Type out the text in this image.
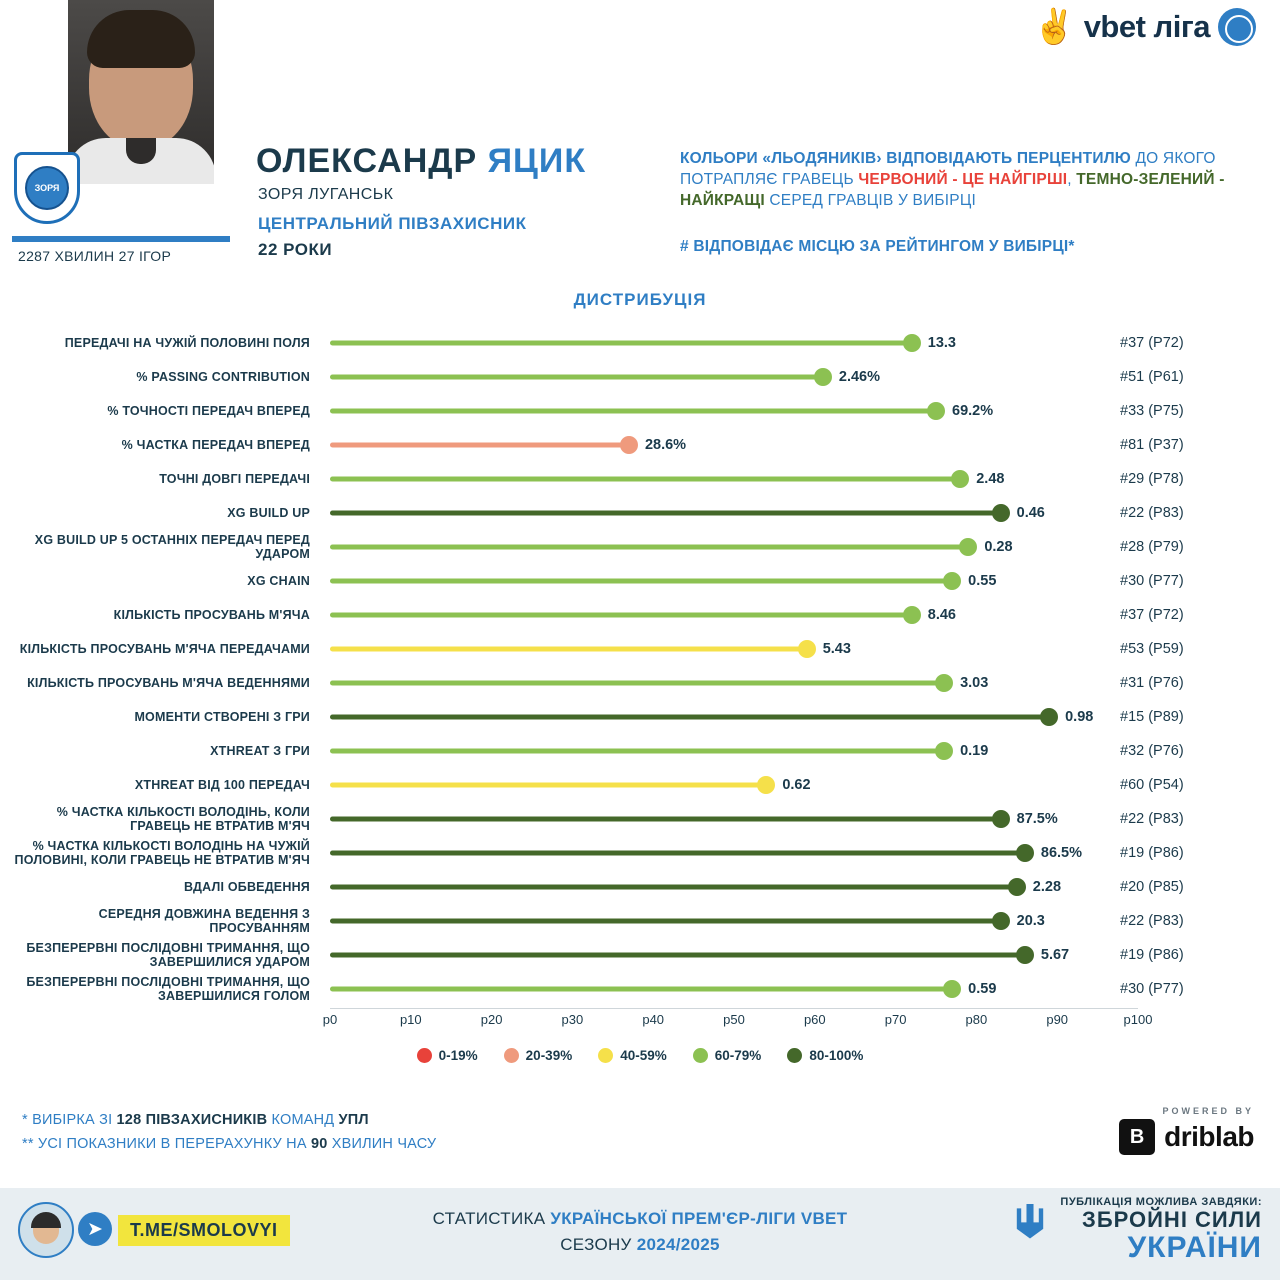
ЗОРЯ
2287 ХВИЛИН 27 ІГОР
ОЛЕКСАНДР ЯЦИК
ЗОРЯ ЛУГАНСЬК
ЦЕНТРАЛЬНИЙ ПІВЗАХИСНИК
22 РОКИ
✌ vbet ліга
КОЛЬОРИ «ЛЬОДЯНИКІВ› ВІДПОВІДАЮТЬ ПЕРЦЕНТИЛЮ ДО ЯКОГО ПОТРАПЛЯЄ ГРАВЕЦЬ ЧЕРВОНИЙ - ЦЕ НАЙГІРШІ, ТЕМНО-ЗЕЛЕНИЙ - НАЙКРАЩІ СЕРЕД ГРАВЦІВ У ВИБІРЦІ
# ВІДПОВІДАЄ МІСЦЮ ЗА РЕЙТИНГОМ У ВИБІРЦІ*
ДИСТРИБУЦІЯ
ПЕРЕДАЧІ НА ЧУЖІЙ ПОЛОВИНІ ПОЛЯ	13.3	#37 (P72)
% PASSING CONTRIBUTION	2.46%	#51 (P61)
% ТОЧНОСТІ ПЕРЕДАЧ ВПЕРЕД	69.2%	#33 (P75)
% ЧАСТКА ПЕРЕДАЧ ВПЕРЕД	28.6%	#81 (P37)
ТОЧНІ ДОВГІ ПЕРЕДАЧІ	2.48	#29 (P78)
XG BUILD UP	0.46	#22 (P83)
XG BUILD UP 5 ОСТАННІХ ПЕРЕДАЧ ПЕРЕД УДАРОМ	0.28	#28 (P79)
XG CHAIN	0.55	#30 (P77)
КІЛЬКІСТЬ ПРОСУВАНЬ М'ЯЧА	8.46	#37 (P72)
КІЛЬКІСТЬ ПРОСУВАНЬ М'ЯЧА ПЕРЕДАЧАМИ	5.43	#53 (P59)
КІЛЬКІСТЬ ПРОСУВАНЬ М'ЯЧА ВЕДЕННЯМИ	3.03	#31 (P76)
МОМЕНТИ СТВОРЕНІ З ГРИ	0.98 #15 (P89)
XTHREAT З ГРИ	0.19	#32 (P76)
XTHREAT ВІД 100 ПЕРЕДАЧ	0.62	#60 (P54)
% ЧАСТКА КІЛЬКОСТІ ВОЛОДІНЬ, КОЛИ ГРАВЕЦЬ НЕ ВТРАТИВ М'ЯЧ	87.5%	#22 (P83)
% ЧАСТКА КІЛЬКОСТІ ВОЛОДІНЬ НА ЧУЖІЙ ПОЛОВИНІ, КОЛИ ГРАВЕЦЬ НЕ ВТРАТИВ М'ЯЧ	86.5%	#19 (P86)
ВДАЛІ ОБВЕДЕННЯ	2.28	#20 (P85)
СЕРЕДНЯ ДОВЖИНА ВЕДЕННЯ З ПРОСУВАННЯМ	20.3	#22 (P83)
БЕЗПЕРЕРВНІ ПОСЛІДОВНІ ТРИМАННЯ, ЩО ЗАВЕРШИЛИСЯ УДАРОМ	5.67	#19 (P86)
БЕЗПЕРЕРВНІ ПОСЛІДОВНІ ТРИМАННЯ, ЩО ЗАВЕРШИЛИСЯ ГОЛОМ	0.59	#30 (P77)
p0	p10	p20	p30	p40	p50	p60	p70	p80	p90	p100
0-19%	20-39%	40-59%	60-79%	80-100%
* ВИБІРКА ЗІ 128 ПІВЗАХИСНИКІВ КОМАНД УПЛ
** УСІ ПОКАЗНИКИ В ПЕРЕРАХУНКУ НА 90 ХВИЛИН ЧАСУ
POWERED BY
B driblab
➤	T.ME/SMOLOVYI
СТАТИСТИКА УКРАЇНСЬКОЇ ПРЕМ'ЄР-ЛІГИ VBET
СЕЗОНУ 2024/2025
ПУБЛІКАЦІЯ МОЖЛИВА ЗАВДЯКИ:
ЗБРОЙНІ СИЛИ
УКРАЇНИ
